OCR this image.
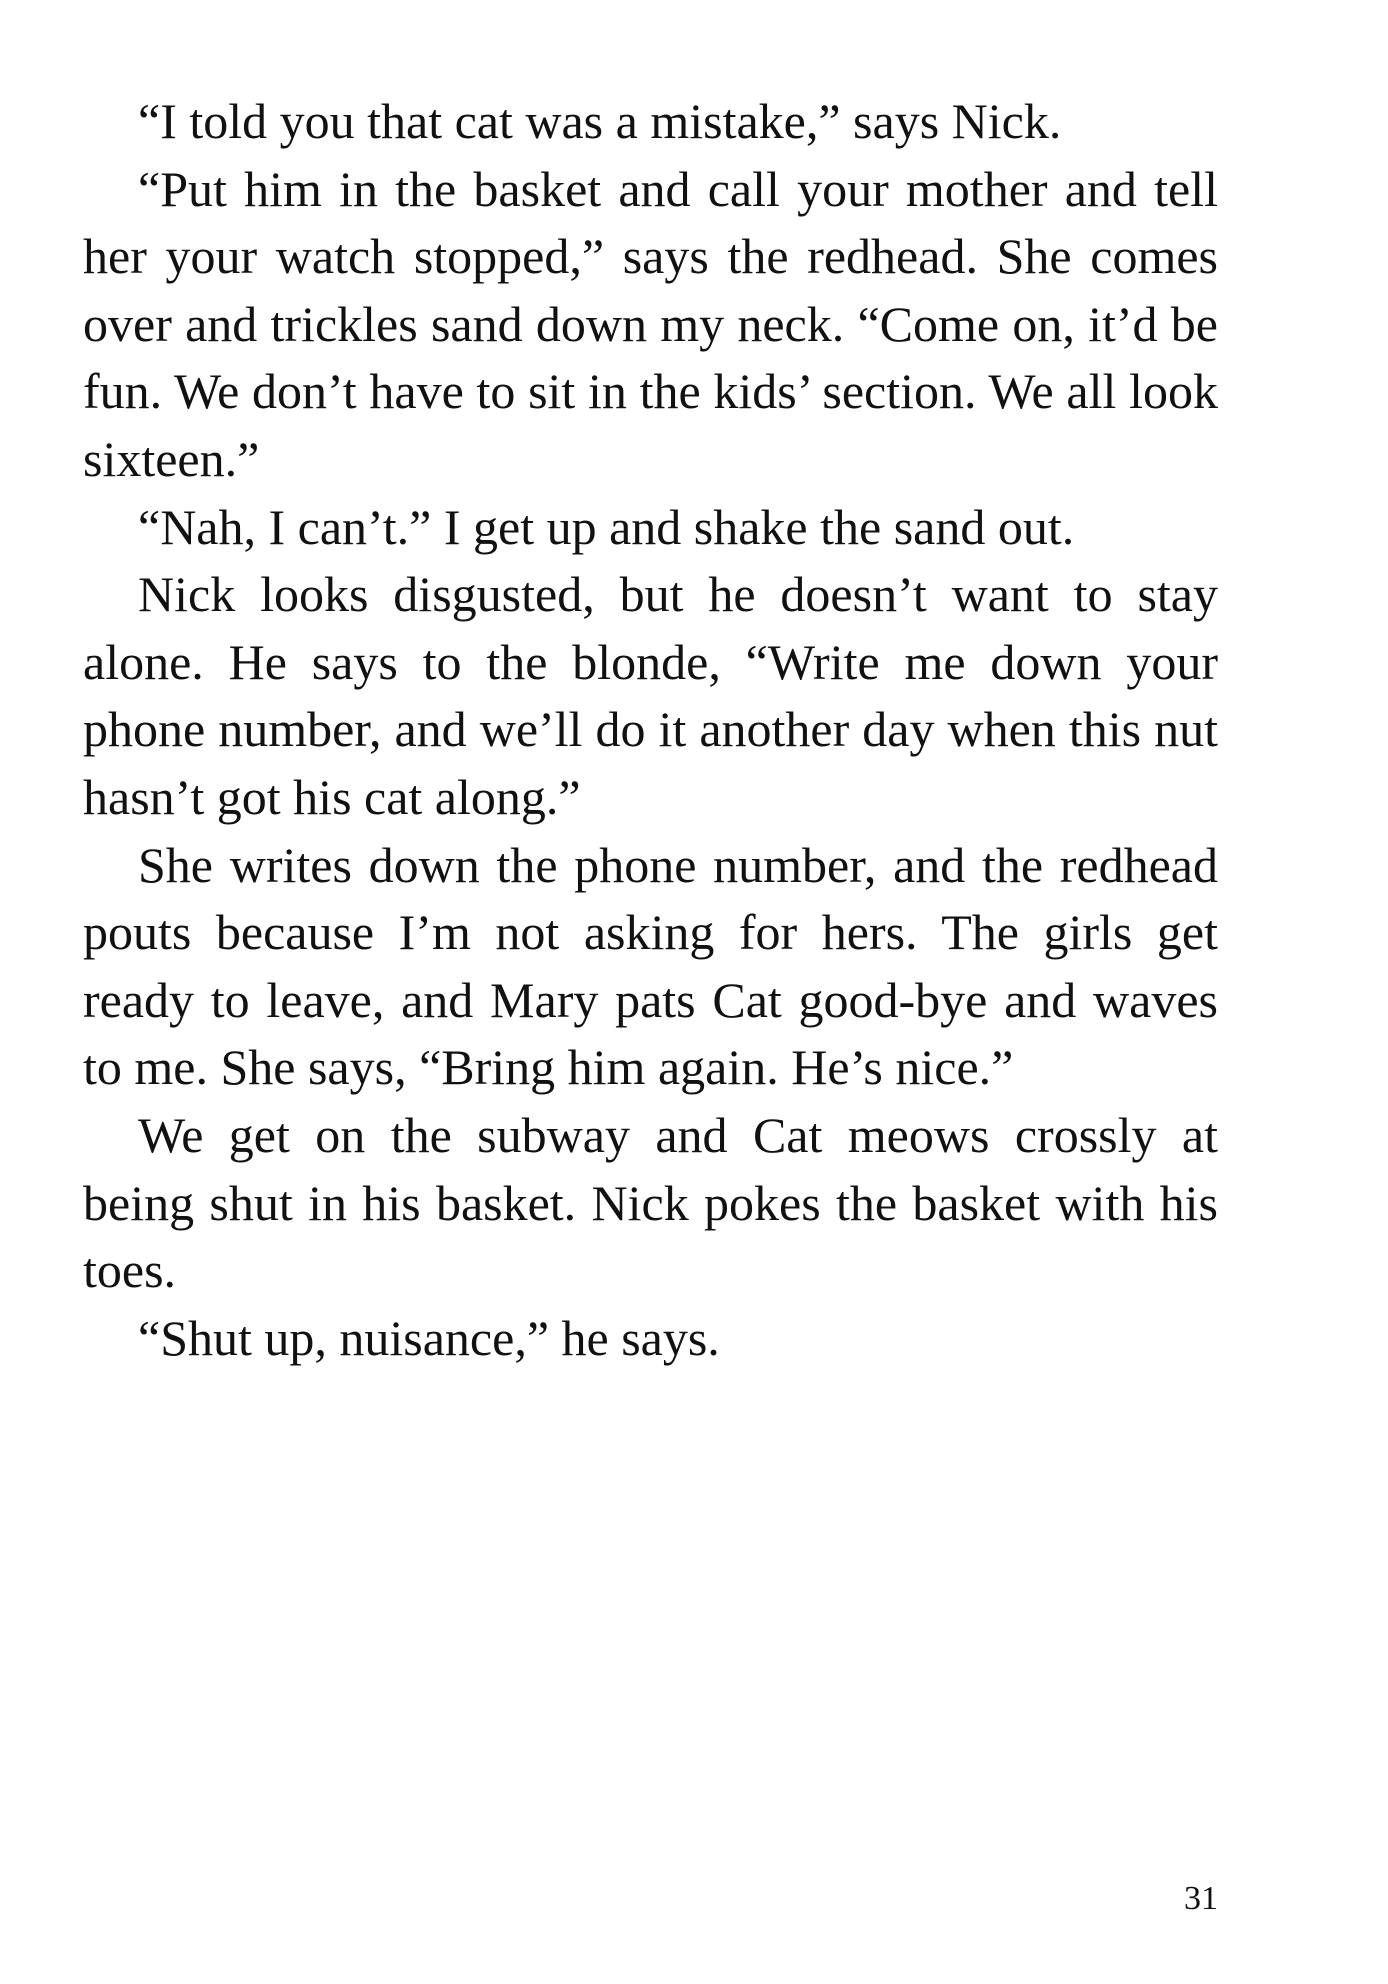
“I told you that cat was a mistake,” says Nick.

“Put him in the basket and call your mother and tell her your watch stopped,” says the redhead. She comes over and trickles sand down my neck. “Come on, it’d be fun. We don’t have to sit in the kids’ section. We all look sixteen.”

“Nah, I can’t.” I get up and shake the sand out.

Nick looks disgusted, but he doesn’t want to stay alone. He says to the blonde, “Write me down your phone number, and we’ll do it another day when this nut hasn’t got his cat along.”

She writes down the phone number, and the redhead pouts because I’m not asking for hers. The girls get ready to leave, and Mary pats Cat good-bye and waves to me. She says, “Bring him again. He’s nice.”

We get on the subway and Cat meows crossly at being shut in his basket. Nick pokes the basket with his toes.

“Shut up, nuisance,” he says.

31
